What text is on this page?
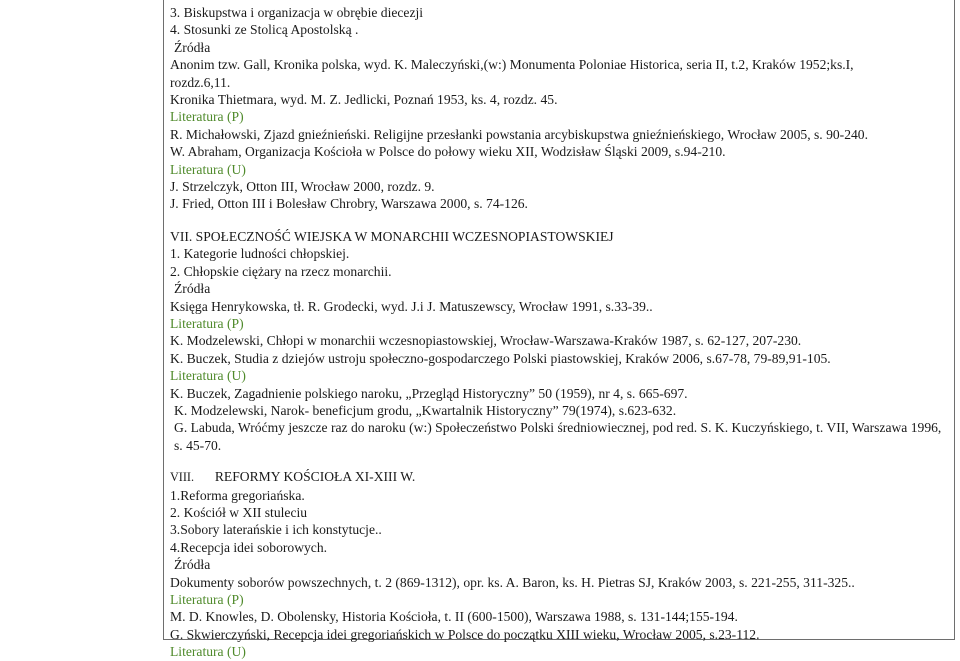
3. Biskupstwa i organizacja w obrębie diecezji
4. Stosunki ze Stolicą Apostolską .
Źródła
Anonim tzw. Gall, Kronika polska, wyd. K. Maleczyński,(w:) Monumenta Poloniae Historica, seria II, t.2, Kraków 1952;ks.I,
rozdz.6,11.
Kronika Thietmara, wyd. M. Z. Jedlicki, Poznań 1953, ks. 4, rozdz. 45.
Literatura (P)
R. Michałowski, Zjazd gnieźnieński. Religijne przesłanki powstania arcybiskupstwa gnieźnieńskiego, Wrocław 2005, s. 90-240.
W. Abraham, Organizacja Kościoła w Polsce do połowy wieku XII, Wodzisław Śląski 2009, s.94-210.
Literatura (U)
J. Strzelczyk, Otton III, Wrocław 2000, rozdz. 9.
J. Fried, Otton III i Bolesław Chrobry, Warszawa 2000, s. 74-126.
VII. SPOŁECZNOŚĆ WIEJSKA W MONARCHII WCZESNOPIASTOWSKIEJ
1. Kategorie ludności chłopskiej.
2. Chłopskie ciężary na rzecz monarchii.
Źródła
Księga Henrykowska, tł. R. Grodecki, wyd. J.i J. Matuszewscy, Wrocław 1991, s.33-39..
Literatura (P)
K. Modzelewski, Chłopi w monarchii wczesnopiastowskiej, Wrocław-Warszawa-Kraków 1987, s. 62-127, 207-230.
K. Buczek, Studia z dziejów ustroju społeczno-gospodarczego Polski piastowskiej, Kraków 2006, s.67-78, 79-89,91-105.
Literatura (U)
K. Buczek, Zagadnienie polskiego naroku, „Przegląd Historyczny” 50 (1959), nr 4, s. 665-697.
K. Modzelewski, Narok- beneficjum grodu, „Kwartalnik Historyczny” 79(1974), s.623-632.
G. Labuda, Wróćmy jeszcze raz do naroku (w:) Społeczeństwo Polski średniowiecznej, pod red. S. K. Kuczyńskiego, t. VII, Warszawa 1996, s. 45-70.
VIII. REFORMY KOŚCIOŁA XI-XIII W.
1.Reforma gregoriańska.
2. Kościół w XII stuleciu
3.Sobory laterańskie i ich konstytucje..
4.Recepcja idei soborowych.
Źródła
Dokumenty soborów powszechnych, t. 2 (869-1312), opr. ks. A. Baron, ks. H. Pietras SJ, Kraków 2003, s. 221-255, 311-325..
Literatura (P)
M. D. Knowles, D. Obolensky, Historia Kościoła, t. II (600-1500), Warszawa 1988, s. 131-144;155-194.
G. Skwierczyński, Recepcja idei gregoriańskich w Polsce do początku XIII wieku, Wrocław 2005, s.23-112.
Literatura (U)
